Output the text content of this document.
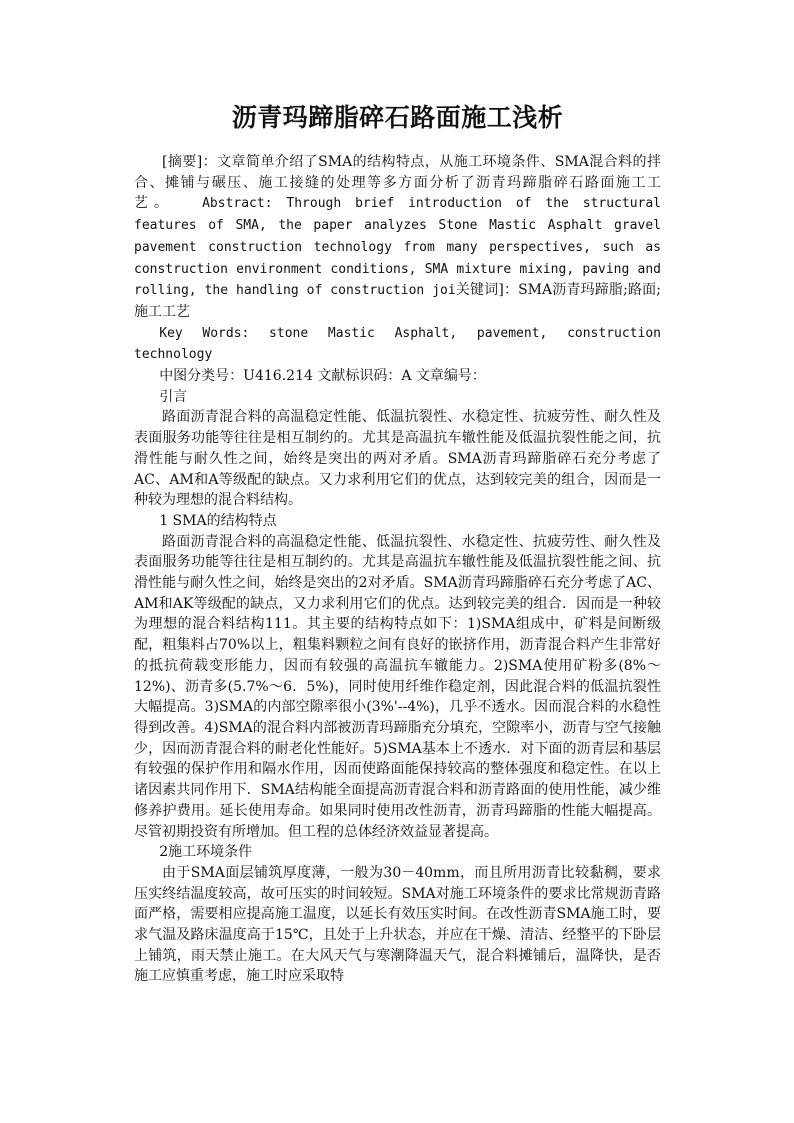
沥青玛蹄脂碎石路面施工浅析

[摘要]：文章简单介绍了SMA的结构特点，从施工环境条件、SMA混合料的拌合、摊铺与碾压、施工接缝的处理等多方面分析了沥青玛蹄脂碎石路面施工工艺。   Abstract: Through brief introduction of the structural features of SMA, the paper analyzes Stone Mastic Asphalt gravel pavement construction technology from many perspectives, such as construction environment conditions, SMA mixture mixing, paving and rolling, the handling of construction joi关键词]：SMA沥青玛蹄脂;路面;施工工艺

Key Words: stone Mastic Asphalt, pavement, construction technology

中图分类号：U416.214 文献标识码：A 文章编号：

引言

路面沥青混合料的高温稳定性能、低温抗裂性、水稳定性、抗疲劳性、耐久性及表面服务功能等往往是相互制约的。尤其是高温抗车辙性能及低温抗裂性能之间，抗滑性能与耐久性之间，始终是突出的两对矛盾。SMA沥青玛蹄脂碎石充分考虑了AC、AM和A等级配的缺点。又力求利用它们的优点，达到较完美的组合，因而是一种较为理想的混合料结构。

1 SMA的结构特点

路面沥青混合料的高温稳定性能、低温抗裂性、水稳定性、抗疲劳性、耐久性及表面服务功能等往往是相互制约的。尤其是高温抗车辙性能及低温抗裂性能之间、抗滑性能与耐久性之间，始终是突出的2对矛盾。SMA沥青玛蹄脂碎石充分考虑了AC、AM和AK等级配的缺点，又力求利用它们的优点。达到较完美的组合．因而是一种较为理想的混合料结构111。其主要的结构特点如下：1)SMA组成中，矿料是间断级配，粗集料占70%以上，粗集料颗粒之间有良好的嵌挤作用，沥青混合料产生非常好的抵抗荷载变形能力，因而有较强的高温抗车辙能力。2)SMA使用矿粉多(8%～12%)、沥青多(5.7%～6．5%)，同时使用纤维作稳定剂，因此混合料的低温抗裂性大幅提高。3)SMA的内部空隙率很小(3%'--4%)，几乎不透水。因而混合料的水稳性得到改善。4)SMA的混合料内部被沥青玛蹄脂充分填充，空隙率小，沥青与空气接触少，因而沥青混合料的耐老化性能好。5)SMA基本上不透水．对下面的沥青层和基层有较强的保护作用和隔水作用，因而使路面能保持较高的整体强度和稳定性。在以上诸因素共同作用下．SMA结构能全面提高沥青混合料和沥青路面的使用性能，减少维修养护费用。延长使用寿命。如果同时使用改性沥青，沥青玛蹄脂的性能大幅提高。尽管初期投资有所增加。但工程的总体经济效益显著提高。

2施工环境条件

由于SMA面层铺筑厚度薄，一般为30－40mm，而且所用沥青比较黏稠，要求压实终结温度较高，故可压实的时间较短。SMA对施工环境条件的要求比常规沥青路面严格，需要相应提高施工温度，以延长有效压实时间。在改性沥青SMA施工时，要求气温及路床温度高于15℃，且处于上升状态，并应在干燥、清洁、经整平的下卧层上铺筑，雨天禁止施工。在大风天气与寒潮降温天气，混合料摊铺后，温降快，是否施工应慎重考虑，施工时应采取特
